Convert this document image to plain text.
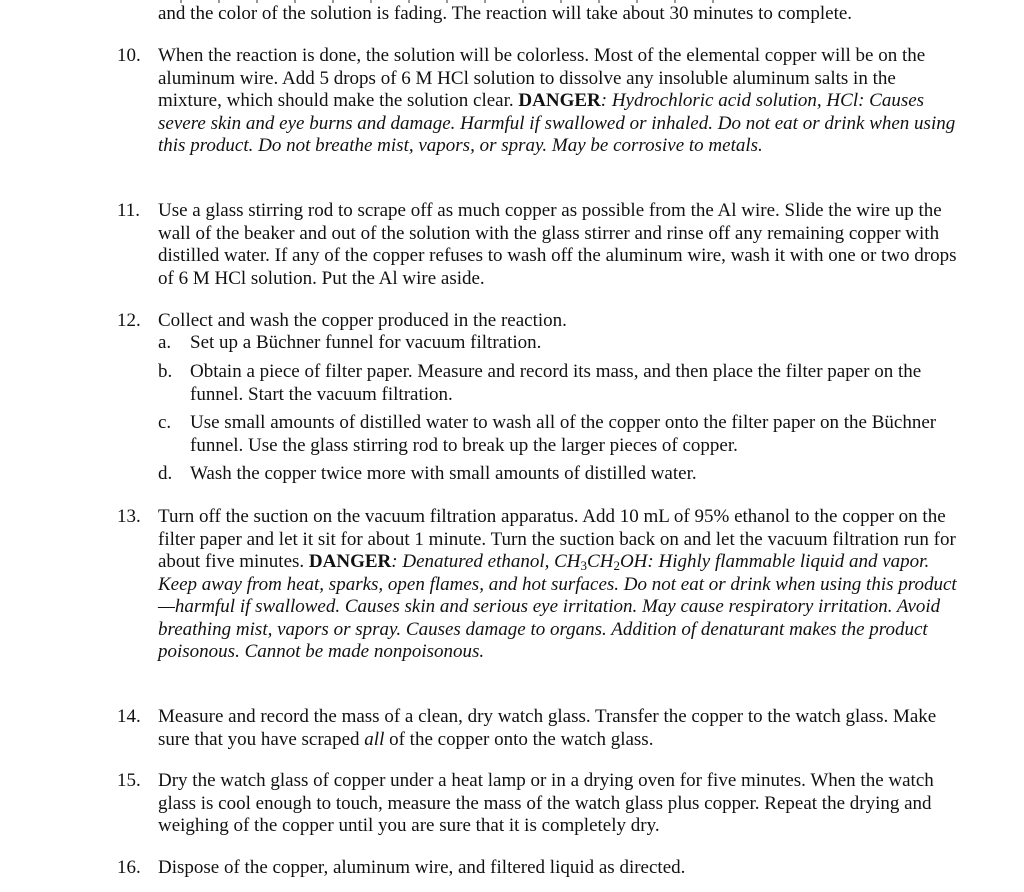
and the color of the solution is fading. The reaction will take about 30 minutes to complete.

10. When the reaction is done, the solution will be colorless. Most of the elemental copper will be on the aluminum wire. Add 5 drops of 6 M HCl solution to dissolve any insoluble aluminum salts in the mixture, which should make the solution clear. DANGER: Hydrochloric acid solution, HCl: Causes severe skin and eye burns and damage. Harmful if swallowed or inhaled. Do not eat or drink when using this product. Do not breathe mist, vapors, or spray. May be corrosive to metals.

11. Use a glass stirring rod to scrape off as much copper as possible from the Al wire. Slide the wire up the wall of the beaker and out of the solution with the glass stirrer and rinse off any remaining copper with distilled water. If any of the copper refuses to wash off the aluminum wire, wash it with one or two drops of 6 M HCl solution. Put the Al wire aside.

12. Collect and wash the copper produced in the reaction.

a. Set up a Büchner funnel for vacuum filtration.

b. Obtain a piece of filter paper. Measure and record its mass, and then place the filter paper on the funnel. Start the vacuum filtration.

c. Use small amounts of distilled water to wash all of the copper onto the filter paper on the Büchner funnel. Use the glass stirring rod to break up the larger pieces of copper.

d. Wash the copper twice more with small amounts of distilled water.

13. Turn off the suction on the vacuum filtration apparatus. Add 10 mL of 95% ethanol to the copper on the filter paper and let it sit for about 1 minute. Turn the suction back on and let the vacuum filtration run for about five minutes. DANGER: Denatured ethanol, CH3CH2OH: Highly flammable liquid and vapor. Keep away from heat, sparks, open flames, and hot surfaces. Do not eat or drink when using this product—harmful if swallowed. Causes skin and serious eye irritation. May cause respiratory irritation. Avoid breathing mist, vapors or spray. Causes damage to organs. Addition of denaturant makes the product poisonous. Cannot be made nonpoisonous.

14. Measure and record the mass of a clean, dry watch glass. Transfer the copper to the watch glass. Make sure that you have scraped all of the copper onto the watch glass.

15. Dry the watch glass of copper under a heat lamp or in a drying oven for five minutes. When the watch glass is cool enough to touch, measure the mass of the watch glass plus copper. Repeat the drying and weighing of the copper until you are sure that it is completely dry.

16. Dispose of the copper, aluminum wire, and filtered liquid as directed.
